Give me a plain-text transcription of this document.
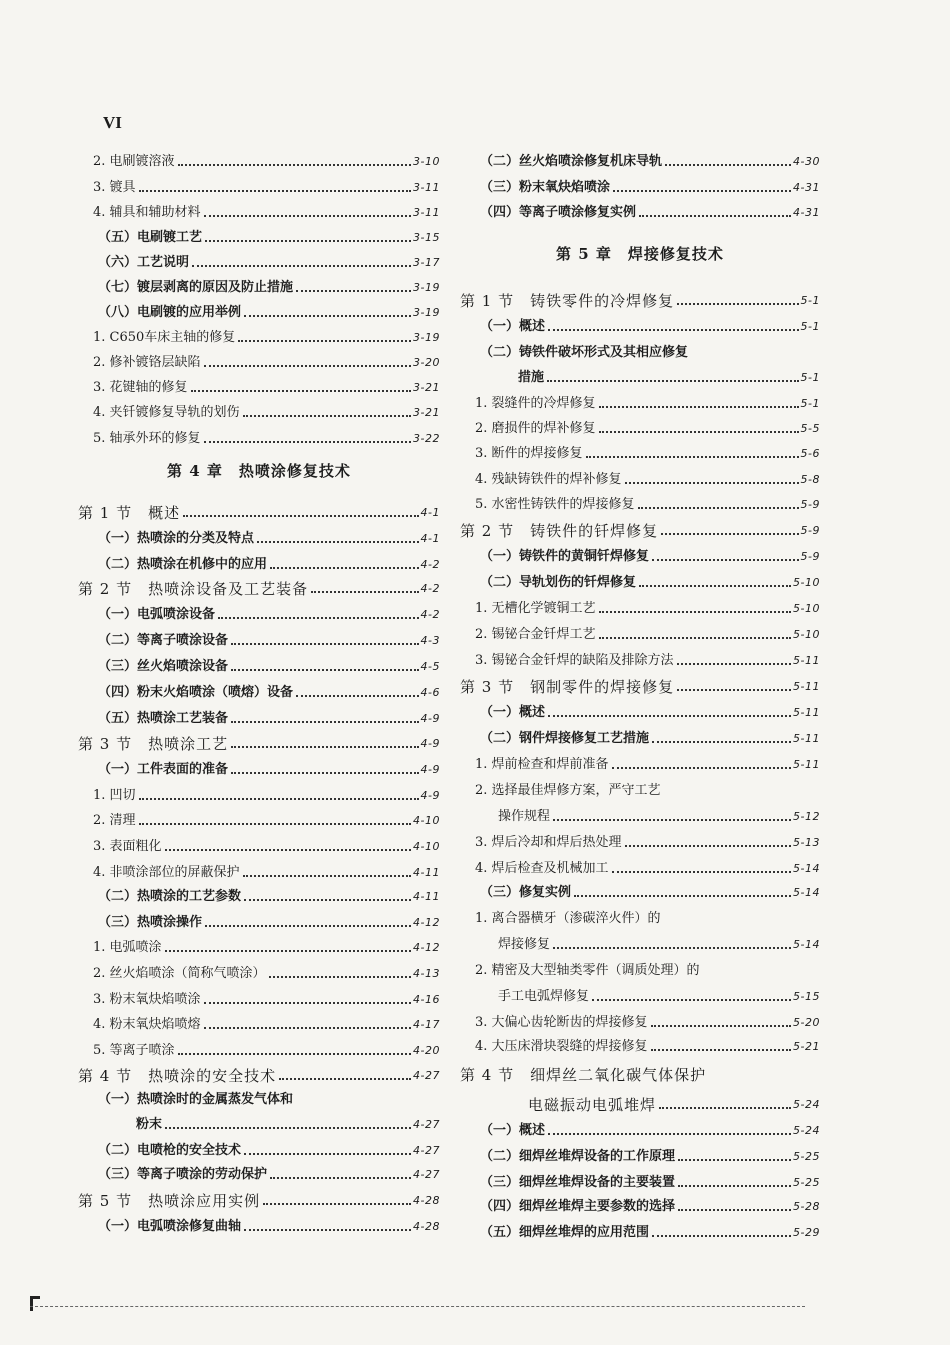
VI
2. 电刷镀溶液	3-10
3. 镀具	3-11
4. 辅具和辅助材料	3-11
（五）电刷镀工艺	3-15
（六）工艺说明	3-17
（七）镀层剥离的原因及防止措施	3-19
（八）电刷镀的应用举例	3-19
1. C650车床主轴的修复	3-19
2. 修补镀铬层缺陷	3-20
3. 花键轴的修复	3-21
4. 夹钎镀修复导轨的划伤	3-21
5. 轴承外环的修复	3-22
第 4 章　热喷涂修复技术
第 1 节　概述	4-1
（一）热喷涂的分类及特点	4-1
（二）热喷涂在机修中的应用	4-2
第 2 节　热喷涂设备及工艺装备	4-2
（一）电弧喷涂设备	4-2
（二）等离子喷涂设备	4-3
（三）丝火焰喷涂设备	4-5
（四）粉末火焰喷涂（喷熔）设备	4-6
（五）热喷涂工艺装备	4-9
第 3 节　热喷涂工艺	4-9
（一）工件表面的准备	4-9
1. 凹切	4-9
2. 清理	4-10
3. 表面粗化	4-10
4. 非喷涂部位的屏蔽保护	4-11
（二）热喷涂的工艺参数	4-11
（三）热喷涂操作	4-12
1. 电弧喷涂	4-12
2. 丝火焰喷涂（简称气喷涂）	4-13
3. 粉末氧炔焰喷涂	4-16
4. 粉末氧炔焰喷熔	4-17
5. 等离子喷涂	4-20
第 4 节　热喷涂的安全技术	4-27
（一）热喷涂时的金属蒸发气体和
粉末	4-27
（二）电喷枪的安全技术	4-27
（三）等离子喷涂的劳动保护	4-27
第 5 节　热喷涂应用实例	4-28
（一）电弧喷涂修复曲轴	4-28
（二）丝火焰喷涂修复机床导轨	4-30
（三）粉末氧炔焰喷涂	4-31
（四）等离子喷涂修复实例	4-31
第 5 章　焊接修复技术
第 1 节　铸铁零件的冷焊修复	5-1
（一）概述	5-1
（二）铸铁件破坏形式及其相应修复
措施	5-1
1. 裂缝件的冷焊修复	5-1
2. 磨损件的焊补修复	5-5
3. 断件的焊接修复	5-6
4. 残缺铸铁件的焊补修复	5-8
5. 水密性铸铁件的焊接修复	5-9
第 2 节　铸铁件的钎焊修复	5-9
（一）铸铁件的黄铜钎焊修复	5-9
（二）导轨划伤的钎焊修复	5-10
1. 无槽化学镀铜工艺	5-10
2. 锡铋合金钎焊工艺	5-10
3. 锡铋合金钎焊的缺陷及排除方法	5-11
第 3 节　钢制零件的焊接修复	5-11
（一）概述	5-11
（二）钢件焊接修复工艺措施	5-11
1. 焊前检查和焊前准备	5-11
2. 选择最佳焊修方案，严守工艺
操作规程	5-12
3. 焊后冷却和焊后热处理	5-13
4. 焊后检查及机械加工	5-14
（三）修复实例	5-14
1. 离合器横牙（渗碳淬火件）的
焊接修复	5-14
2. 精密及大型轴类零件（调质处理）的
手工电弧焊修复	5-15
3. 大偏心齿轮断齿的焊接修复	5-20
4. 大压床滑块裂缝的焊接修复	5-21
第 4 节　细焊丝二氧化碳气体保护
电磁振动电弧堆焊	5-24
（一）概述	5-24
（二）细焊丝堆焊设备的工作原理	5-25
（三）细焊丝堆焊设备的主要装置	5-25
（四）细焊丝堆焊主要参数的选择	5-28
（五）细焊丝堆焊的应用范围	5-29
